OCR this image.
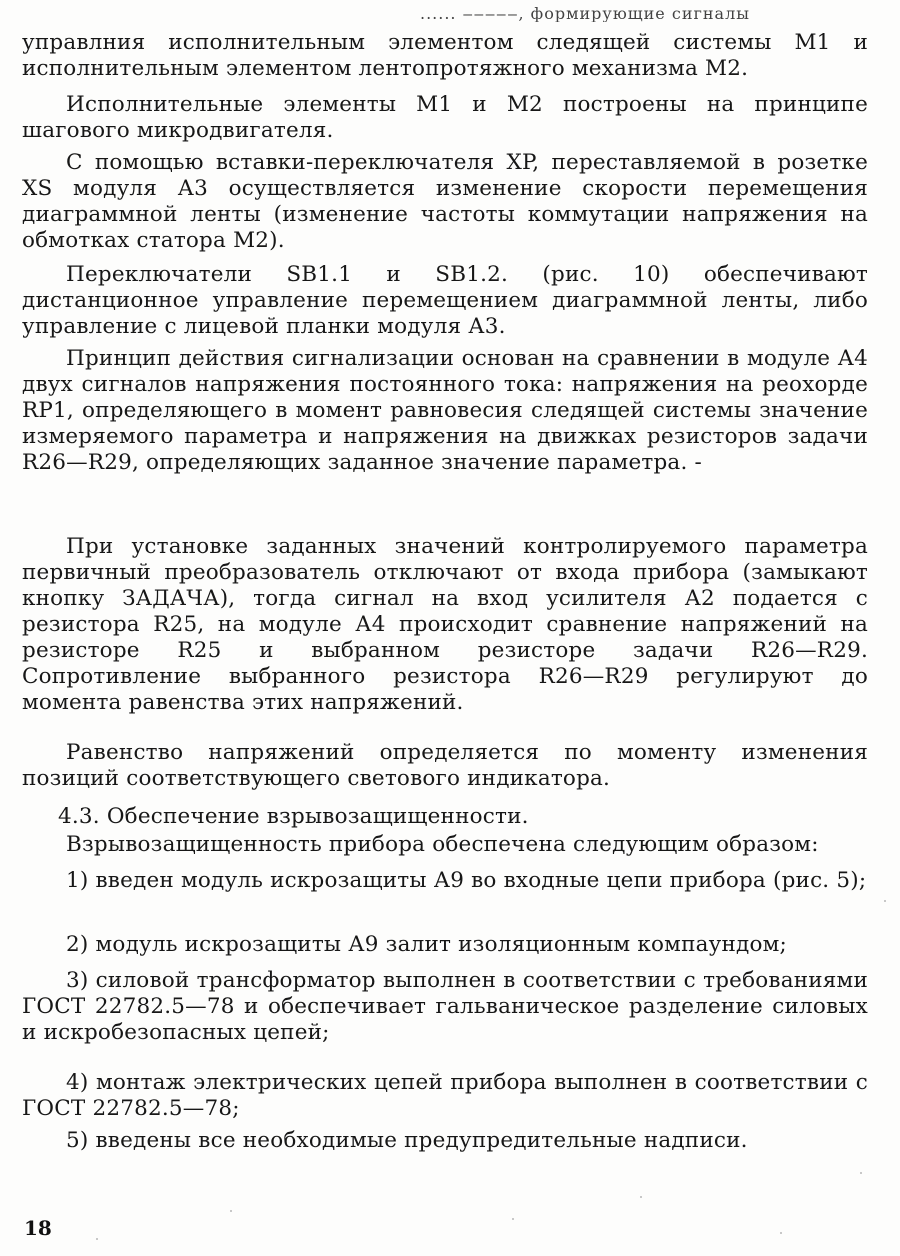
...... ‒‒‒‒‒, формирующие сигналы

управлния исполнительным элементом следящей системы М1 и исполнительным элементом лентопротяжного механизма М2.

Исполнительные элементы М1 и М2 построены на принципе шагового микродвигателя.

С помощью вставки-переключателя XP, переставляемой в розетке XS модуля А3 осуществляется изменение скорости перемещения диаграммной ленты (изменение частоты коммутации напряжения на обмотках статора М2).

Переключатели SB1.1 и SB1.2. (рис. 10) обеспечивают дистанционное управление перемещением диаграммной ленты, либо управление с лицевой планки модуля А3.

Принцип действия сигнализации основан на сравнении в модуле А4 двух сигналов напряжения постоянного тока: напряжения на реохорде RP1, определяющего в момент равновесия следящей системы значение измеряемого параметра и напряжения на движках резисторов задачи R26—R29, определяющих заданное значение параметра. -

При установке заданных значений контролируемого параметра первичный преобразователь отключают от входа прибора (замыкают кнопку ЗАДАЧА), тогда сигнал на вход усилителя А2 подается с резистора R25, на модуле А4 происходит сравнение напряжений на резисторе R25 и выбранном резисторе задачи R26—R29. Сопротивление выбранного резистора R26—R29 регулируют до момента равенства этих напряжений.

Равенство напряжений определяется по моменту изменения позиций соответствующего светового индикатора.

4.3. Обеспечение взрывозащищенности.

Взрывозащищенность прибора обеспечена следующим образом:

1) введен модуль искрозащиты А9 во входные цепи прибора (рис. 5);

2) модуль искрозащиты А9 залит изоляционным компаундом;

3) силовой трансформатор выполнен в соответствии с требованиями ГОСТ 22782.5—78 и обеспечивает гальваническое разделение силовых и искробезопасных цепей;

4) монтаж электрических цепей прибора выполнен в соответствии с ГОСТ 22782.5—78;

5) введены все необходимые предупредительные надписи.

18
